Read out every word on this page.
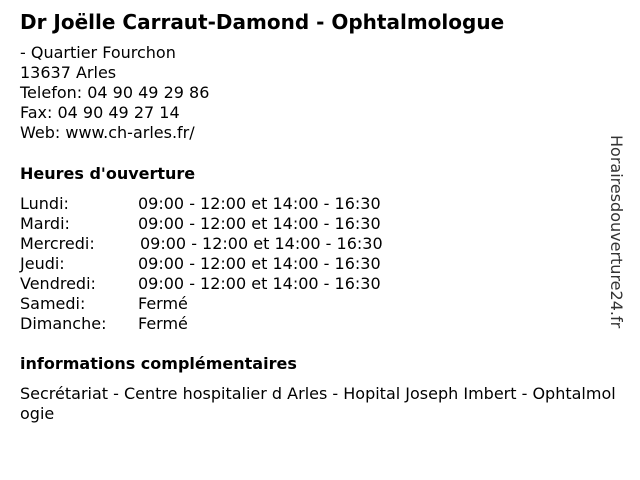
Dr Joëlle Carraut-Damond - Ophtalmologue
- Quartier Fourchon
13637 Arles
Telefon: 04 90 49 29 86
Fax: 04 90 49 27 14
Web: www.ch-arles.fr/
Heures d'ouverture
Lundi:	09:00 - 12:00 et 14:00 - 16:30
Mardi:	09:00 - 12:00 et 14:00 - 16:30
Mercredi:	09:00 - 12:00 et 14:00 - 16:30
Jeudi:	09:00 - 12:00 et 14:00 - 16:30
Vendredi:	09:00 - 12:00 et 14:00 - 16:30
Samedi:	Fermé
Dimanche: Fermé
informations complémentaires
Secrétariat - Centre hospitalier d Arles - Hopital Joseph Imbert - Ophtalmologie
Horairesdouverture24.fr
